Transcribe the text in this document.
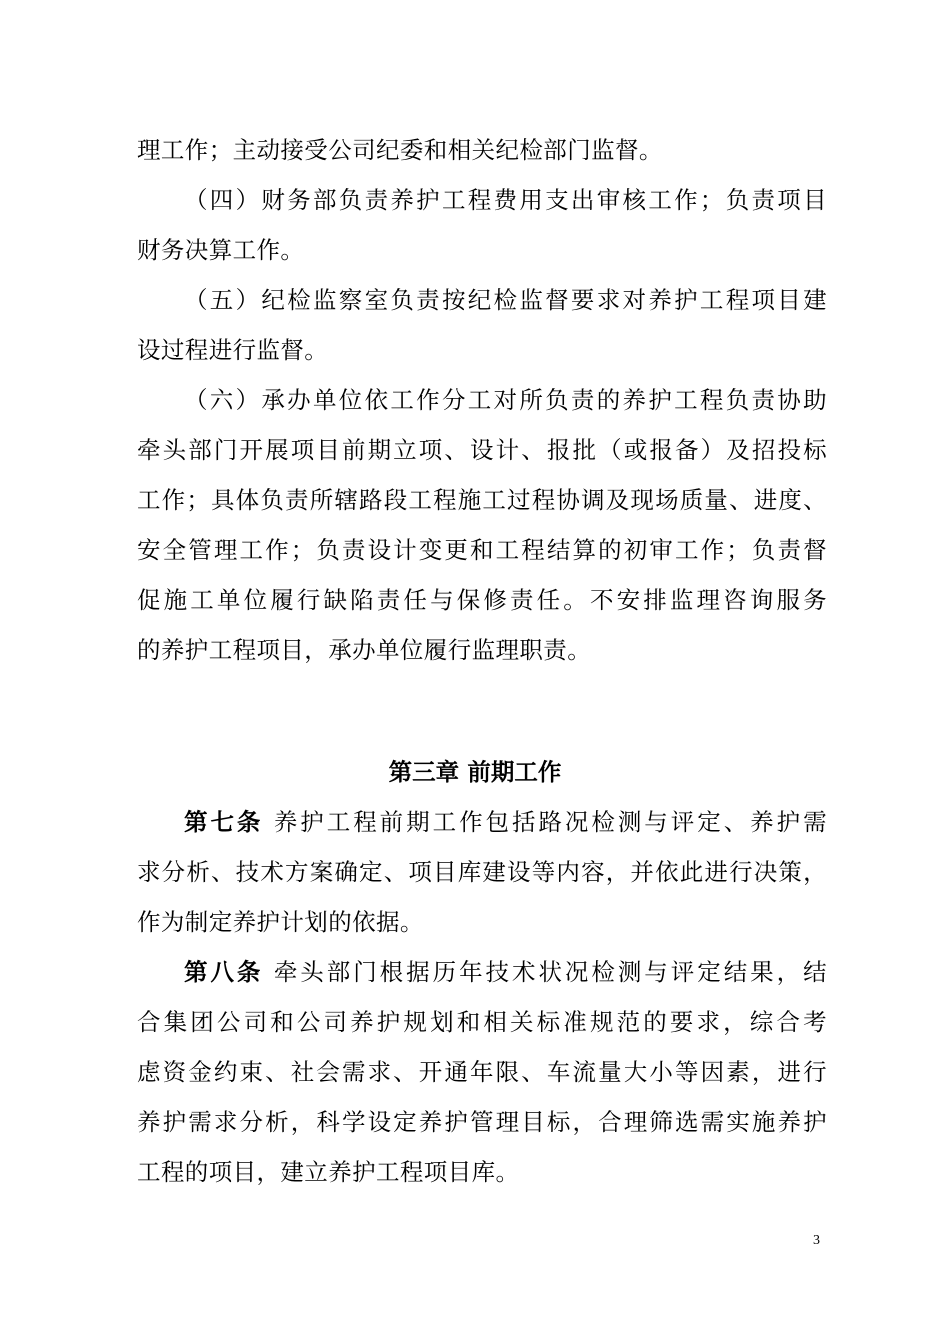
理工作；主动接受公司纪委和相关纪检部门监督。
（四）财务部负责养护工程费用支出审核工作；负责项目
财务决算工作。
（五）纪检监察室负责按纪检监督要求对养护工程项目建
设过程进行监督。
（六）承办单位依工作分工对所负责的养护工程负责协助
牵头部门开展项目前期立项、设计、报批（或报备）及招投标
工作；具体负责所辖路段工程施工过程协调及现场质量、进度、
安全管理工作；负责设计变更和工程结算的初审工作；负责督
促施工单位履行缺陷责任与保修责任。不安排监理咨询服务
的养护工程项目，承办单位履行监理职责。
第三章 前期工作
第七条 养护工程前期工作包括路况检测与评定、养护需
求分析、技术方案确定、项目库建设等内容，并依此进行决策，
作为制定养护计划的依据。
第八条 牵头部门根据历年技术状况检测与评定结果，结
合集团公司和公司养护规划和相关标准规范的要求，综合考
虑资金约束、社会需求、开通年限、车流量大小等因素，进行
养护需求分析，科学设定养护管理目标，合理筛选需实施养护
工程的项目，建立养护工程项目库。
3
